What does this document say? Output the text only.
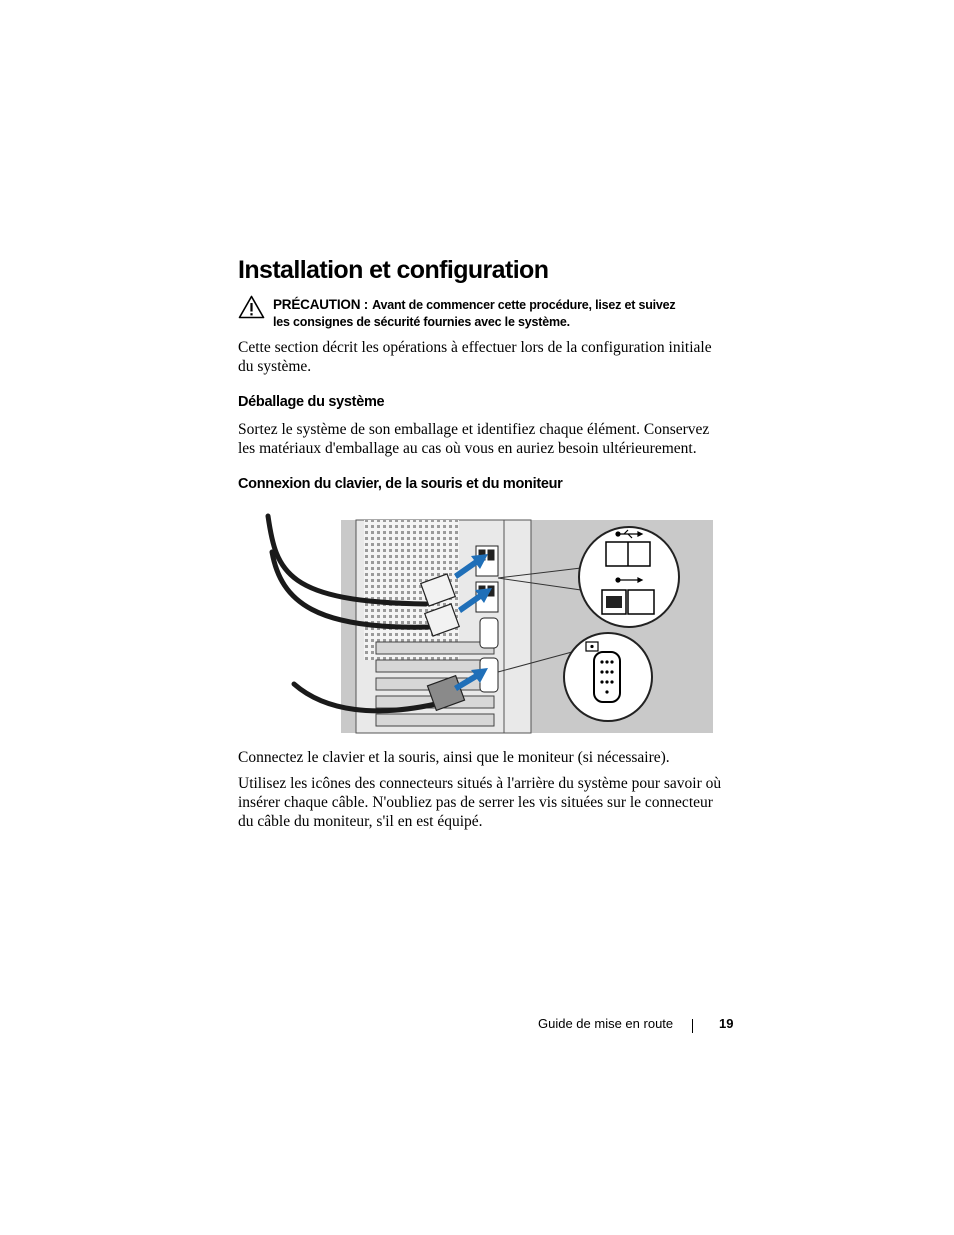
Installation et configuration
PRÉCAUTION : Avant de commencer cette procédure, lisez et suivez
les consignes de sécurité fournies avec le système.
Cette section décrit les opérations à effectuer lors de la configuration initiale
du système.
Déballage du système
Sortez le système de son emballage et identifiez chaque élément. Conservez
les matériaux d'emballage au cas où vous en auriez besoin ultérieurement.
Connexion du clavier, de la souris et du moniteur
Connectez le clavier et la souris, ainsi que le moniteur (si nécessaire).
Utilisez les icônes des connecteurs situés à l'arrière du système pour savoir où
insérer chaque câble. N'oubliez pas de serrer les vis situées sur le connecteur
du câble du moniteur, s'il en est équipé.
Guide de mise en route	19
